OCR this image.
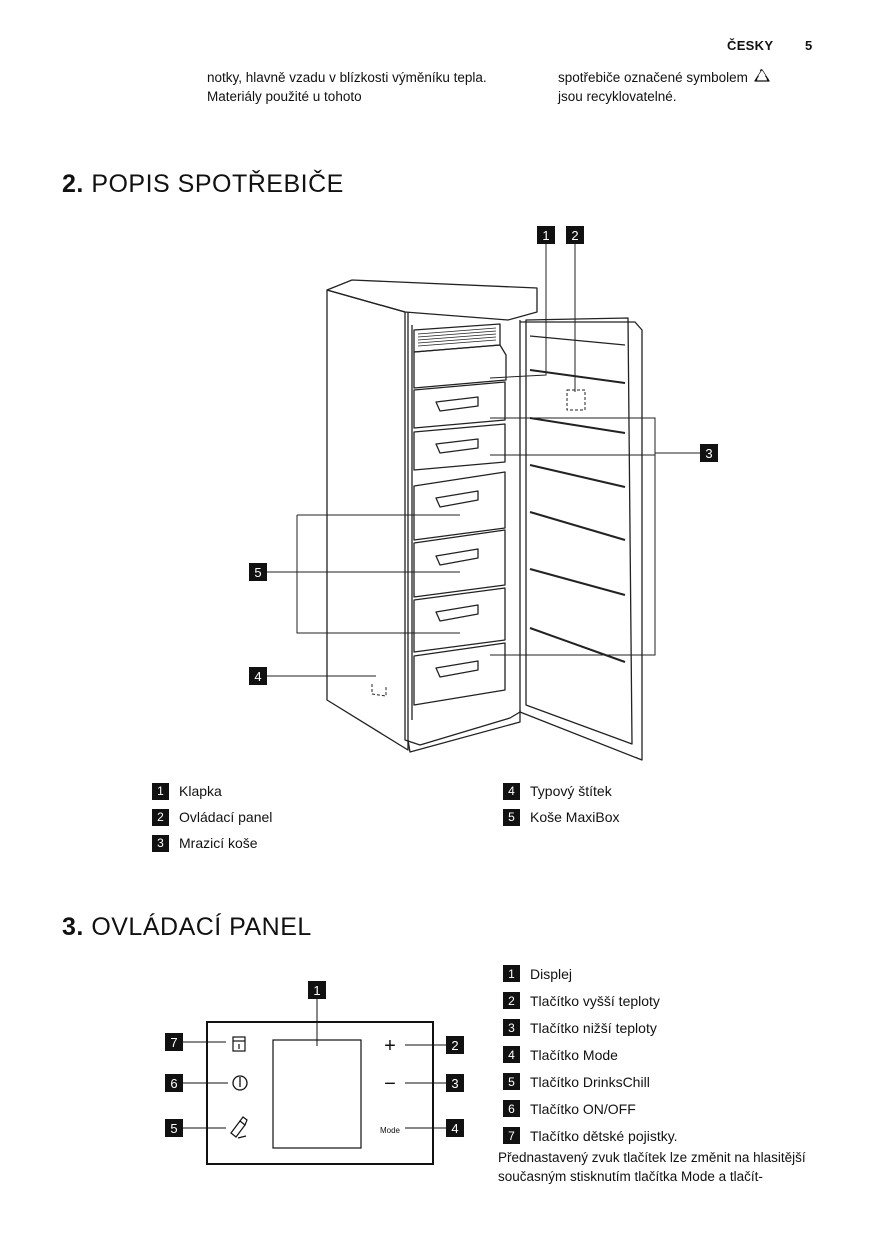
ČESKY 5
notky, hlavně vzadu v blízkosti výměníku tepla. Materiály použité u tohoto
spotřebiče označené symbolem
jsou recyklovatelné.
2. POPIS SPOTŘEBIČE
1 2
3
4
5
1	Klapka
2	Ovládací panel
3	Mrazicí koše
4	Typový štítek
5	Koše MaxiBox
3. OVLÁDACÍ PANEL
+
−
Mode
1
7
6
5
2
3
4
1	Displej
2	Tlačítko vyšší teploty
3	Tlačítko nižší teploty
4	Tlačítko Mode
5	Tlačítko DrinksChill
6	Tlačítko ON/OFF
7	Tlačítko dětské pojistky.
Přednastavený zvuk tlačítek lze změnit na hlasitější současným stisknutím tlačítka Mode a tlačít-
